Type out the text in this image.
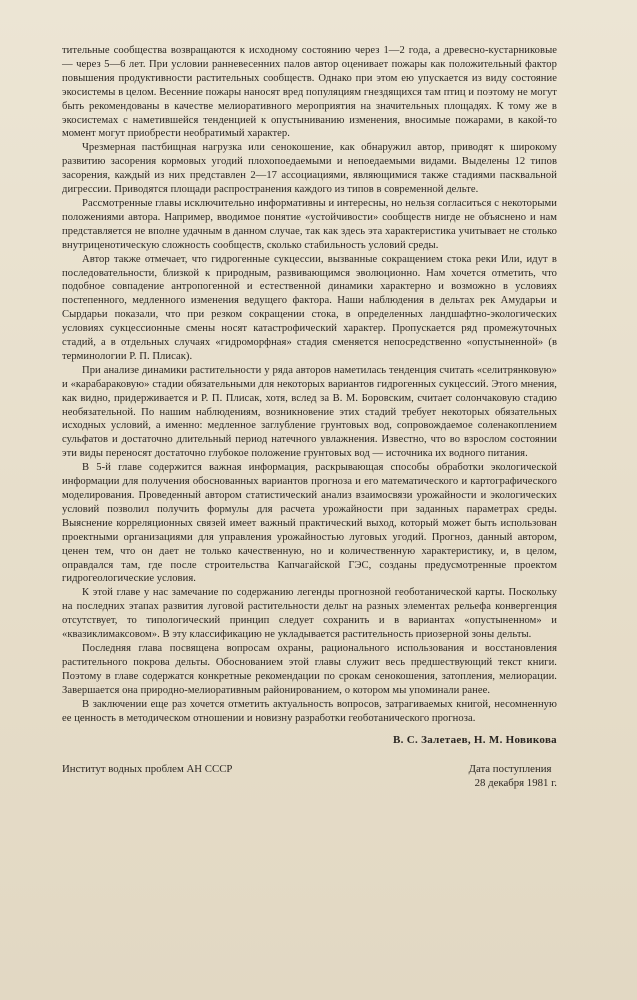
тительные сообщества возвращаются к исходному состоянию через 1—2 года, а древесно-кустарниковые — через 5—6 лет. При условии ранневесенних палов автор оценивает пожары как положительный фактор повышения продуктивности растительных сообществ. Однако при этом ею упускается из виду состояние экосистемы в целом. Весенние пожары наносят вред популяциям гнездящихся там птиц и поэтому не могут быть рекомендованы в качестве мелиоративного мероприятия на значительных площадях. К тому же в экосистемах с наметившейся тенденцией к опустыниванию изменения, вносимые пожарами, в какой-то момент могут приобрести необратимый характер.

Чрезмерная пастбищная нагрузка или сенокошение, как обнаружил автор, приводят к широкому развитию засорения кормовых угодий плохопоедаемыми и непоедаемыми видами. Выделены 12 типов засорения, каждый из них представлен 2—17 ассоциациями, являющимися также стадиями пасквальной дигрессии. Приводятся площади распространения каждого из типов в современной дельте.

Рассмотренные главы исключительно информативны и интересны, но нельзя согласиться с некоторыми положениями автора. Например, вводимое понятие «устойчивости» сообществ нигде не объяснено и нам представляется не вполне удачным в данном случае, так как здесь эта характеристика учитывает не столько внутриценотическую сложность сообществ, сколько стабильность условий среды.

Автор также отмечает, что гидрогенные сукцессии, вызванные сокращением стока реки Или, идут в последовательности, близкой к природным, развивающимся эволюционно. Нам хочется отметить, что подобное совпадение антропогенной и естественной динамики характерно и возможно в условиях постепенного, медленного изменения ведущего фактора. Наши наблюдения в дельтах рек Амударьи и Сырдарьи показали, что при резком сокращении стока, в определенных ландшафтно-экологических условиях сукцессионные смены носят катастрофический характер. Пропускается ряд промежуточных стадий, а в отдельных случаях «гидроморфная» стадия сменяется непосредственно «опустыненной» (в терминологии Р. П. Плисак).

При анализе динамики растительности у ряда авторов наметилась тенденция считать «селитрянковую» и «карабараковую» стадии обязательными для некоторых вариантов гидрогенных сукцессий. Этого мнения, как видно, придерживается и Р. П. Плисак, хотя, вслед за В. М. Боровским, считает солончаковую стадию необязательной. По нашим наблюдениям, возникновение этих стадий требует некоторых обязательных исходных условий, а именно: медленное заглубление грунтовых вод, сопровождаемое соленакоплением сульфатов и достаточно длительный период натечного увлажнения. Известно, что во взрослом состоянии эти виды переносят достаточно глубокое положение грунтовых вод — источника их водного питания.

В 5-й главе содержится важная информация, раскрывающая способы обработки экологической информации для получения обоснованных вариантов прогноза и его математического и картографического моделирования. Проведенный автором статистический анализ взаимосвязи урожайности и экологических условий позволил получить формулы для расчета урожайности при заданных параметрах среды. Выяснение корреляционных связей имеет важный практический выход, который может быть использован проектными организациями для управления урожайностью луговых угодий. Прогноз, данный автором, ценен тем, что он дает не только качественную, но и количественную характеристику, и, в целом, оправдался там, где после строительства Капчагайской ГЭС, созданы предусмотренные проектом гидрогеологические условия.

К этой главе у нас замечание по содержанию легенды прогнозной геоботанической карты. Поскольку на последних этапах развития луговой растительности дельт на разных элементах рельефа конвергенция отсутствует, то типологический принцип следует сохранить и в вариантах «опустыненном» и «квазиклимаксовом». В эту классификацию не укладывается растительность приозерной зоны дельты.

Последняя глава посвящена вопросам охраны, рационального использования и восстановления растительного покрова дельты. Обоснованием этой главы служит весь предшествующий текст книги. Поэтому в главе содержатся конкретные рекомендации по срокам сенокошения, затопления, мелиорации. Завершается она природно-мелиоративным районированием, о котором мы упоминали ранее.

В заключении еще раз хочется отметить актуальность вопросов, затрагиваемых книгой, несомненную ее ценность в методическом отношении и новизну разработки геоботанического прогноза.

В. С. Залетаев, Н. М. Новикова
Институт водных проблем АН СССР	Дата поступления
28 декабря 1981 г.
